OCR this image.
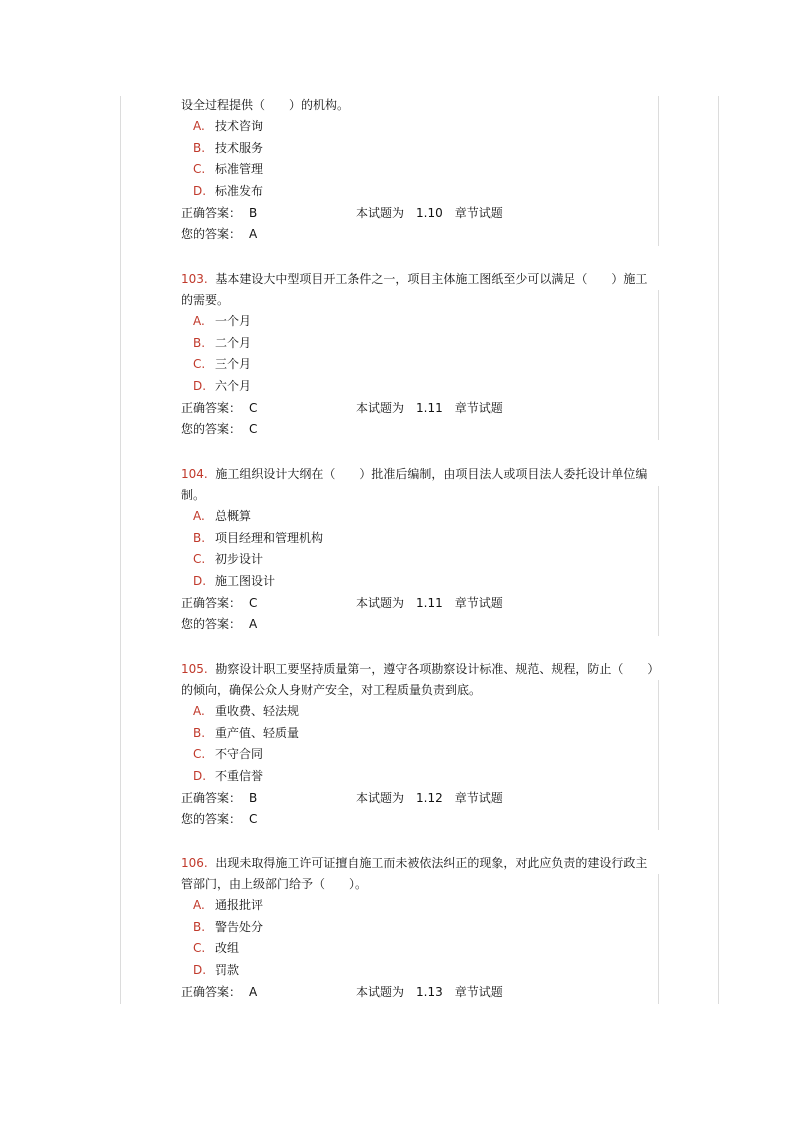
设全过程提供（　　）的机构。
A. 技术咨询
B. 技术服务
C. 标准管理
D. 标准发布
正确答案： B	本试题为 1.10 章节试题
您的答案： A
103. 基本建设大中型项目开工条件之一，项目主体施工图纸至少可以满足（　　）施工的需要。
A. 一个月
B. 二个月
C. 三个月
D. 六个月
正确答案： C	本试题为 1.11 章节试题
您的答案： C
104. 施工组织设计大纲在（　　）批准后编制，由项目法人或项目法人委托设计单位编制。
A. 总概算
B. 项目经理和管理机构
C. 初步设计
D. 施工图设计
正确答案： C	本试题为 1.11 章节试题
您的答案： A
105. 勘察设计职工要坚持质量第一，遵守各项勘察设计标准、规范、规程，防止（　　）的倾向，确保公众人身财产安全，对工程质量负责到底。
A. 重收费、轻法规
B. 重产值、轻质量
C. 不守合同
D. 不重信誉
正确答案： B	本试题为 1.12 章节试题
您的答案： C
106. 出现未取得施工许可证擅自施工而未被依法纠正的现象，对此应负责的建设行政主管部门，由上级部门给予（　　）。
A. 通报批评
B. 警告处分
C. 改组
D. 罚款
正确答案： A	本试题为 1.13 章节试题
